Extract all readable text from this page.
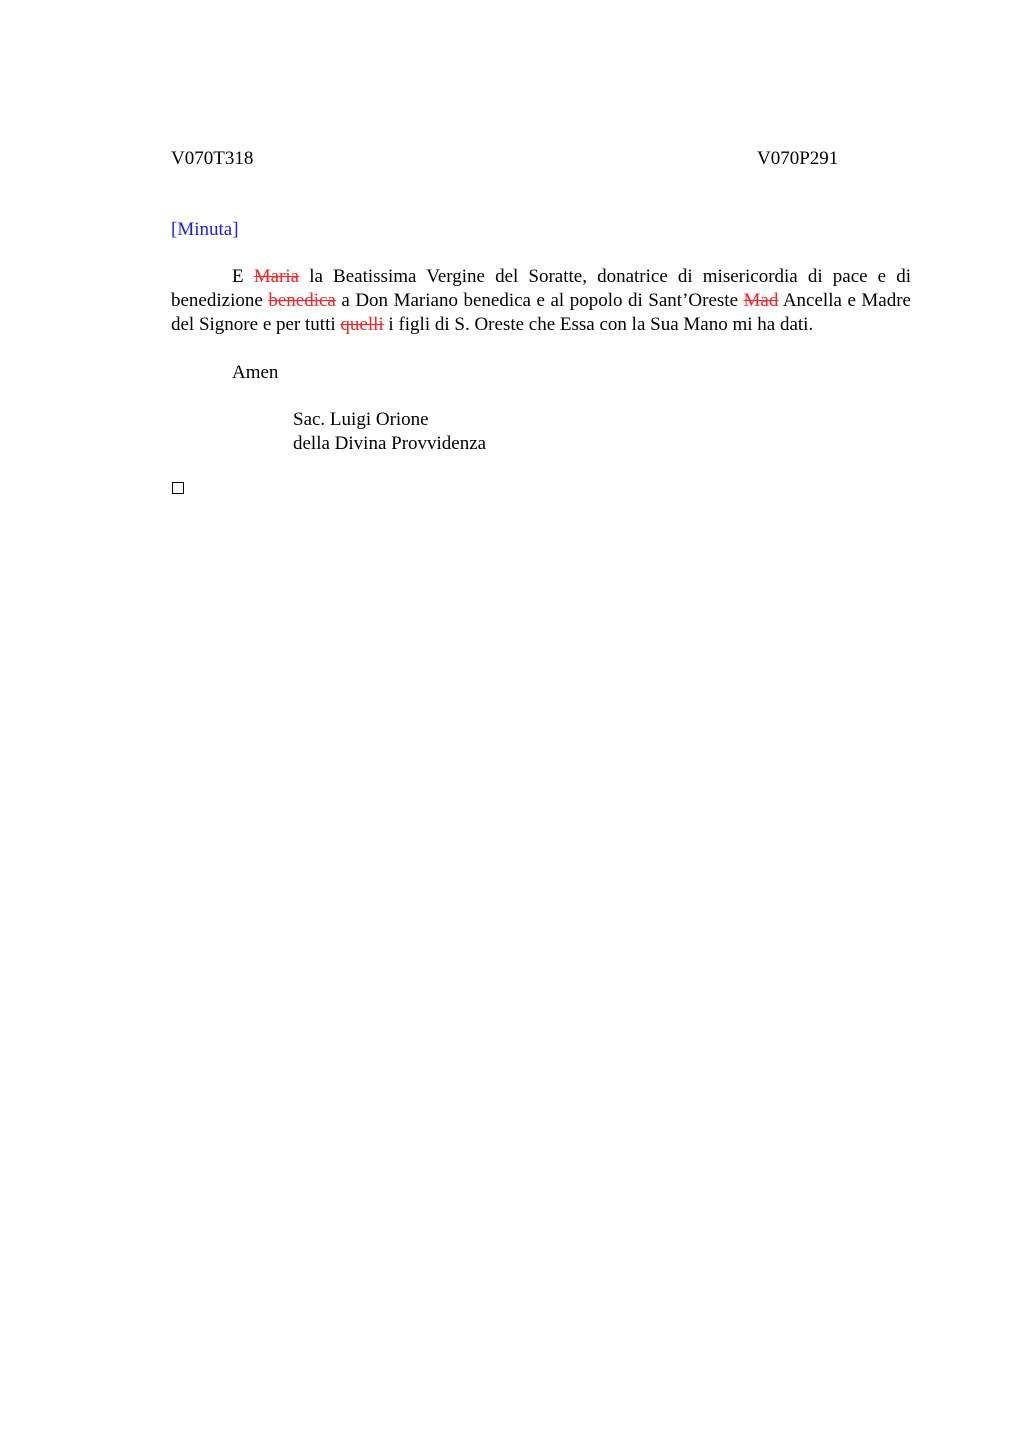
V070T318	V070P291
[Minuta]

E Maria la Beatissima Vergine del Soratte, donatrice di misericordia di pace e di benedizione benedica a Don Mariano benedica e al popolo di Sant’Oreste Mad Ancella e Madre del Signore e per tutti quelli i figli di S. Oreste che Essa con la Sua Mano mi ha dati.

Amen
Sac. Luigi Orione
della Divina Provvidenza
